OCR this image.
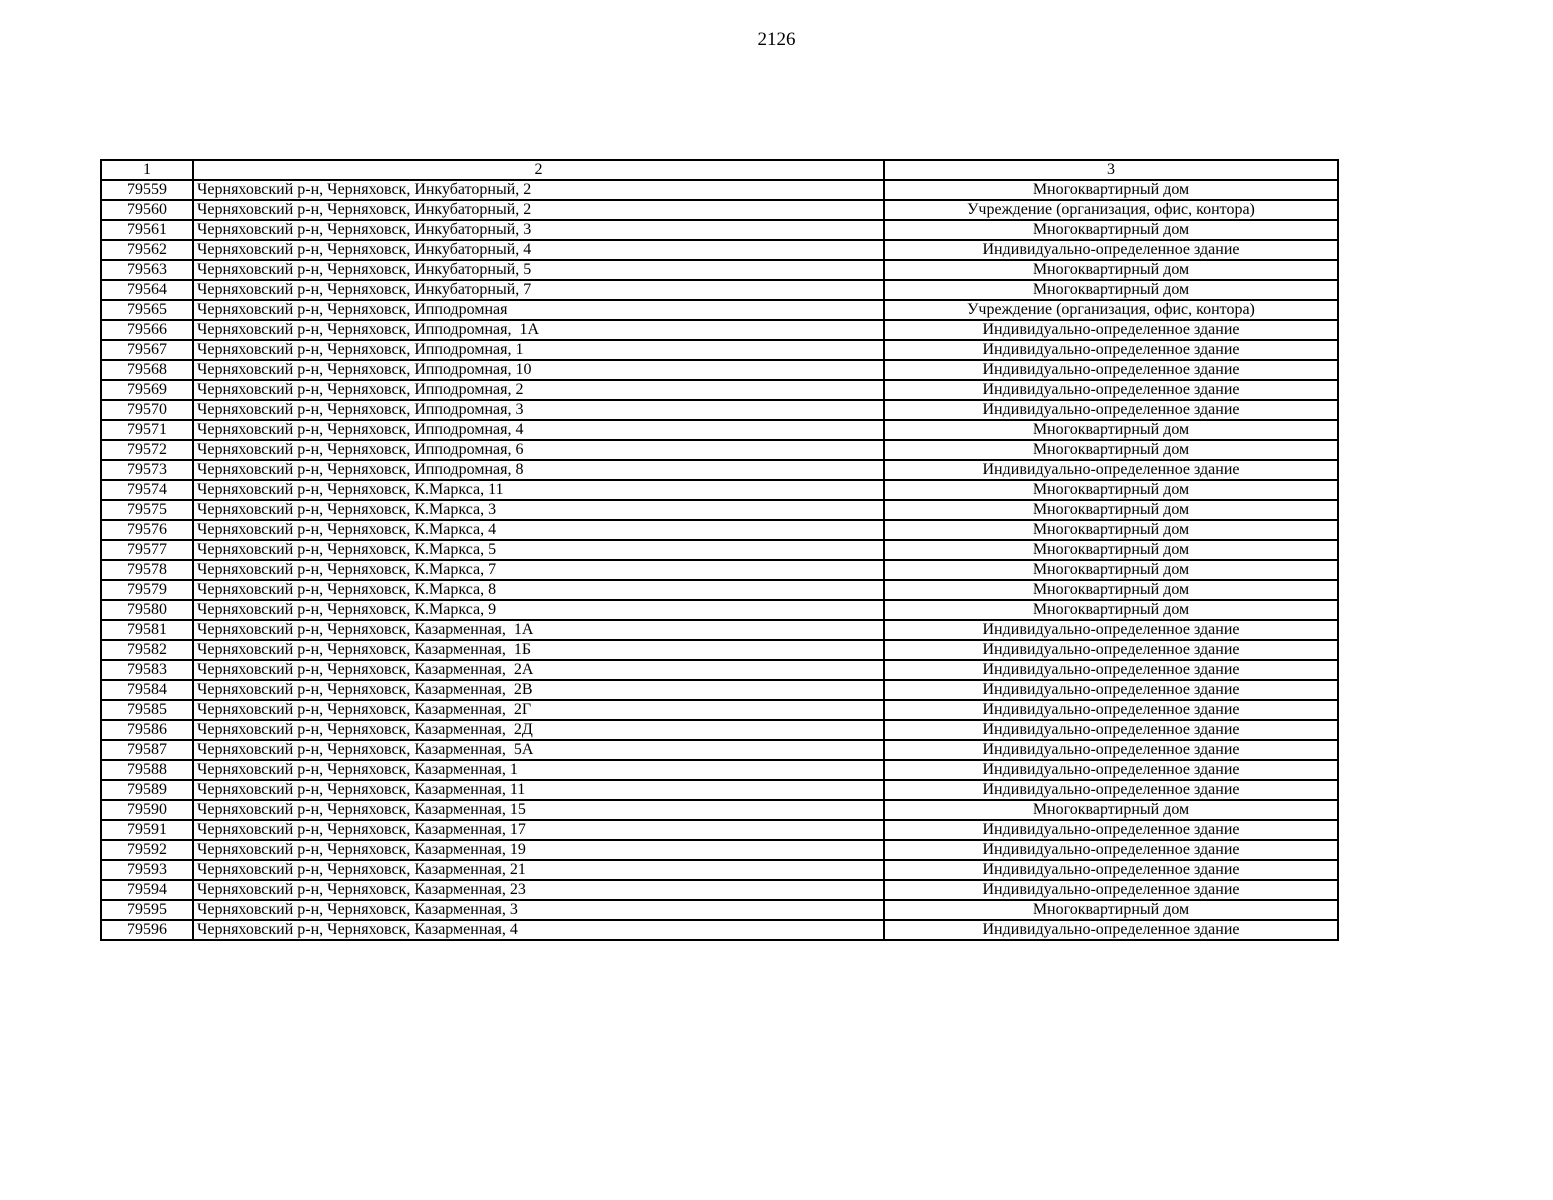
2126
1	2	3
79559	Черняховский р-н, Черняховск, Инкубаторный, 2	Многоквартирный дом
79560	Черняховский р-н, Черняховск, Инкубаторный, 2	Учреждение (организация, офис, контора)
79561	Черняховский р-н, Черняховск, Инкубаторный, 3	Многоквартирный дом
79562	Черняховский р-н, Черняховск, Инкубаторный, 4	Индивидуально-определенное здание
79563	Черняховский р-н, Черняховск, Инкубаторный, 5	Многоквартирный дом
79564	Черняховский р-н, Черняховск, Инкубаторный, 7	Многоквартирный дом
79565	Черняховский р-н, Черняховск, Ипподромная	Учреждение (организация, офис, контора)
79566	Черняховский р-н, Черняховск, Ипподромная,  1А	Индивидуально-определенное здание
79567	Черняховский р-н, Черняховск, Ипподромная, 1	Индивидуально-определенное здание
79568	Черняховский р-н, Черняховск, Ипподромная, 10	Индивидуально-определенное здание
79569	Черняховский р-н, Черняховск, Ипподромная, 2	Индивидуально-определенное здание
79570	Черняховский р-н, Черняховск, Ипподромная, 3	Индивидуально-определенное здание
79571	Черняховский р-н, Черняховск, Ипподромная, 4	Многоквартирный дом
79572	Черняховский р-н, Черняховск, Ипподромная, 6	Многоквартирный дом
79573	Черняховский р-н, Черняховск, Ипподромная, 8	Индивидуально-определенное здание
79574	Черняховский р-н, Черняховск, К.Маркса, 11	Многоквартирный дом
79575	Черняховский р-н, Черняховск, К.Маркса, 3	Многоквартирный дом
79576	Черняховский р-н, Черняховск, К.Маркса, 4	Многоквартирный дом
79577	Черняховский р-н, Черняховск, К.Маркса, 5	Многоквартирный дом
79578	Черняховский р-н, Черняховск, К.Маркса, 7	Многоквартирный дом
79579	Черняховский р-н, Черняховск, К.Маркса, 8	Многоквартирный дом
79580	Черняховский р-н, Черняховск, К.Маркса, 9	Многоквартирный дом
79581	Черняховский р-н, Черняховск, Казарменная,  1А	Индивидуально-определенное здание
79582	Черняховский р-н, Черняховск, Казарменная,  1Б	Индивидуально-определенное здание
79583	Черняховский р-н, Черняховск, Казарменная,  2А	Индивидуально-определенное здание
79584	Черняховский р-н, Черняховск, Казарменная,  2В	Индивидуально-определенное здание
79585	Черняховский р-н, Черняховск, Казарменная,  2Г	Индивидуально-определенное здание
79586	Черняховский р-н, Черняховск, Казарменная,  2Д	Индивидуально-определенное здание
79587	Черняховский р-н, Черняховск, Казарменная,  5А	Индивидуально-определенное здание
79588	Черняховский р-н, Черняховск, Казарменная, 1	Индивидуально-определенное здание
79589	Черняховский р-н, Черняховск, Казарменная, 11	Индивидуально-определенное здание
79590	Черняховский р-н, Черняховск, Казарменная, 15	Многоквартирный дом
79591	Черняховский р-н, Черняховск, Казарменная, 17	Индивидуально-определенное здание
79592	Черняховский р-н, Черняховск, Казарменная, 19	Индивидуально-определенное здание
79593	Черняховский р-н, Черняховск, Казарменная, 21	Индивидуально-определенное здание
79594	Черняховский р-н, Черняховск, Казарменная, 23	Индивидуально-определенное здание
79595	Черняховский р-н, Черняховск, Казарменная, 3	Многоквартирный дом
79596	Черняховский р-н, Черняховск, Казарменная, 4	Индивидуально-определенное здание
